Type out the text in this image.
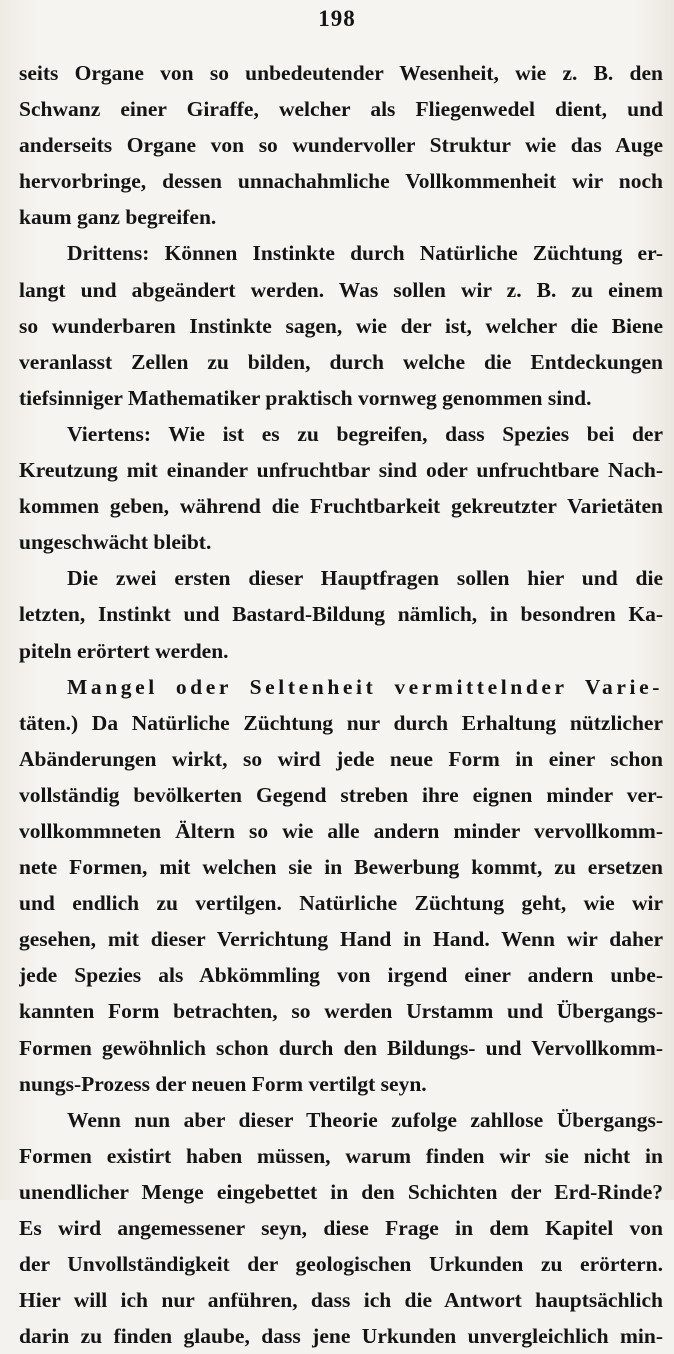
198
seits Organe von so unbedeutender Wesenheit, wie z. B. den
Schwanz einer Giraffe, welcher als Fliegenwedel dient, und
anderseits Organe von so wundervoller Struktur wie das Auge
hervorbringe, dessen unnachahmliche Vollkommenheit wir noch
kaum ganz begreifen.
Drittens: Können Instinkte durch Natürliche Züchtung er-
langt und abgeändert werden. Was sollen wir z. B. zu einem
so wunderbaren Instinkte sagen, wie der ist, welcher die Biene
veranlasst Zellen zu bilden, durch welche die Entdeckungen
tiefsinniger Mathematiker praktisch vornweg genommen sind.
Viertens: Wie ist es zu begreifen, dass Spezies bei der
Kreutzung mit einander unfruchtbar sind oder unfruchtbare Nach-
kommen geben, während die Fruchtbarkeit gekreutzter Varietäten
ungeschwächt bleibt.
Die zwei ersten dieser Hauptfragen sollen hier und die
letzten, Instinkt und Bastard-Bildung nämlich, in besondren Ka-
piteln erörtert werden.
Mangel oder Seltenheit vermittelnder Varie-
täten.) Da Natürliche Züchtung nur durch Erhaltung nützlicher
Abänderungen wirkt, so wird jede neue Form in einer schon
vollständig bevölkerten Gegend streben ihre eignen minder ver-
vollkommneten Ältern so wie alle andern minder vervollkomm-
nete Formen, mit welchen sie in Bewerbung kommt, zu ersetzen
und endlich zu vertilgen. Natürliche Züchtung geht, wie wir
gesehen, mit dieser Verrichtung Hand in Hand. Wenn wir daher
jede Spezies als Abkömmling von irgend einer andern unbe-
kannten Form betrachten, so werden Urstamm und Übergangs-
Formen gewöhnlich schon durch den Bildungs- und Vervollkomm-
nungs-Prozess der neuen Form vertilgt seyn.
Wenn nun aber dieser Theorie zufolge zahllose Übergangs-
Formen existirt haben müssen, warum finden wir sie nicht in
unendlicher Menge eingebettet in den Schichten der Erd-Rinde?
Es wird angemessener seyn, diese Frage in dem Kapitel von
der Unvollständigkeit der geologischen Urkunden zu erörtern.
Hier will ich nur anführen, dass ich die Antwort hauptsächlich
darin zu finden glaube, dass jene Urkunden unvergleichlich min-
